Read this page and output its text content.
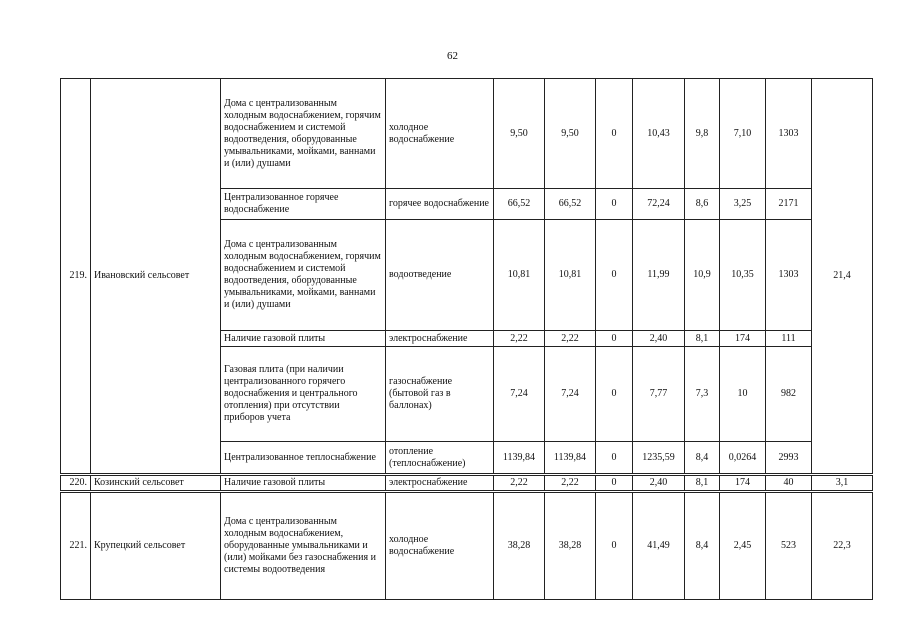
62
219.	Ивановский сельсовет	Дома с централизованным холодным водоснабжением, горячим водоснабжением и системой водоотведения, оборудованные умывальниками, мойками, ваннами и (или) душами	холодное водоснабжение	9,50	9,50	0	10,43	9,8	7,10	1303	21,4
		Централизованное горячее водоснабжение	горячее водоснабжение	66,52	66,52	0	72,24	8,6	3,25	2171	
		Дома с централизованным холодным водоснабжением, горячим водоснабжением и системой водоотведения, оборудованные умывальниками, мойками, ваннами и (или) душами	водоотведение	10,81	10,81	0	11,99	10,9	10,35	1303	
		Наличие газовой плиты	электроснабжение	2,22	2,22	0	2,40	8,1	174	111	
		Газовая плита (при наличии централизованного горячего водоснабжения и центрального отопления) при отсутствии приборов учета	газоснабжение (бытовой газ в баллонах)	7,24	7,24	0	7,77	7,3	10	982	
		Централизованное теплоснабжение	отопление (теплоснабжение)	1139,84	1139,84	0	1235,59	8,4	0,0264	2993	
220.	Козинский сельсовет	Наличие газовой плиты	электроснабжение	2,22	2,22	0	2,40	8,1	174	40	3,1
221.	Крупецкий сельсовет	Дома с централизованным холодным водоснабжением, оборудованные умывальниками и (или) мойками без газоснабжения и системы водоотведения	холодное водоснабжение	38,28	38,28	0	41,49	8,4	2,45	523	22,3
